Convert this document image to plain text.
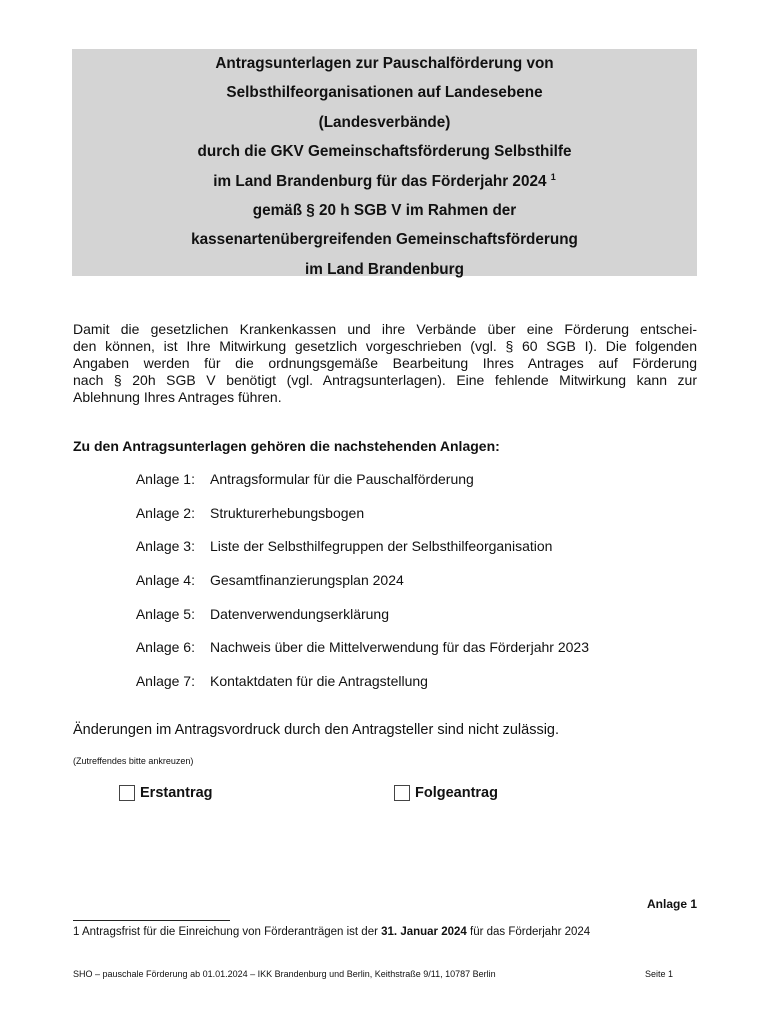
Antragsunterlagen zur Pauschalförderung von
Selbsthilfeorganisationen auf Landesebene
(Landesverbände)
durch die GKV Gemeinschaftsförderung Selbsthilfe
im Land Brandenburg für das Förderjahr 2024 $^1$
gemäß § 20 h SGB V im Rahmen der
kassenartenübergreifenden Gemeinschaftsförderung
im Land Brandenburg
Damit die gesetzlichen Krankenkassen und ihre Verbände über eine Förderung entschei-
den können, ist Ihre Mitwirkung gesetzlich vorgeschrieben (vgl. § 60 SGB I). Die folgenden
Angaben werden für die ordnungsgemäße Bearbeitung Ihres Antrages auf Förderung
nach § 20h SGB V benötigt (vgl. Antragsunterlagen). Eine fehlende Mitwirkung kann zur
Ablehnung Ihres Antrages führen.
Zu den Antragsunterlagen gehören die nachstehenden Anlagen:
Anlage 1: Antragsformular für die Pauschalförderung
Anlage 2: Strukturerhebungsbogen
Anlage 3: Liste der Selbsthilfegruppen der Selbsthilfeorganisation
Anlage 4: Gesamtfinanzierungsplan 2024
Anlage 5: Datenverwendungserklärung
Anlage 6: Nachweis über die Mittelverwendung für das Förderjahr 2023
Anlage 7: Kontaktdaten für die Antragstellung
Änderungen im Antragsvordruck durch den Antragsteller sind nicht zulässig.
(Zutreffendes bitte ankreuzen)
Erstantrag	Folgeantrag
Anlage 1
1 Antragsfrist für die Einreichung von Förderanträgen ist der 31. Januar 2024 für das Förderjahr 2024
SHO – pauschale Förderung ab 01.01.2024 – IKK Brandenburg und Berlin, Keithstraße 9/11, 10787 Berlin	Seite 1
